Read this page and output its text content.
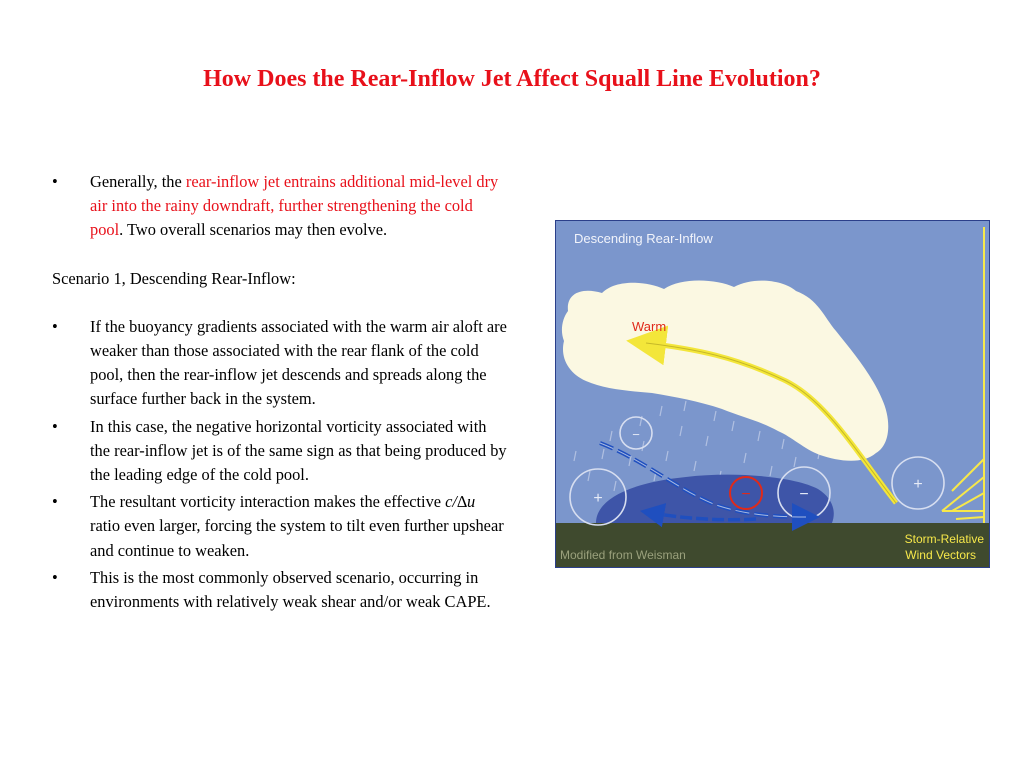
How Does the Rear-Inflow Jet Affect Squall Line Evolution?
•	Generally, the rear-inflow jet entrains additional mid-level dry air into the rainy downdraft, further strengthening the cold pool. Two overall scenarios may then evolve.

Scenario 1, Descending Rear-Inflow:

•	If the buoyancy gradients associated with the warm air aloft are weaker than those associated with the rear flank of the cold pool, then the rear-inflow jet descends and spreads along the surface further back in the system.
•	In this case, the negative horizontal vorticity associated with the rear-inflow jet is of the same sign as that being produced by the leading edge of the cold pool.
•	The resultant vorticity interaction makes the effective c/∆u ratio even larger, forcing the system to tilt even further upshear and continue to weaken.
•	This is the most commonly observed scenario, occurring in environments with relatively weak shear and/or weak CAPE.
+
+
−
−
−
Descending Rear-Inflow
Warm
Modified from Weisman
Storm-Relative
Wind Vectors
